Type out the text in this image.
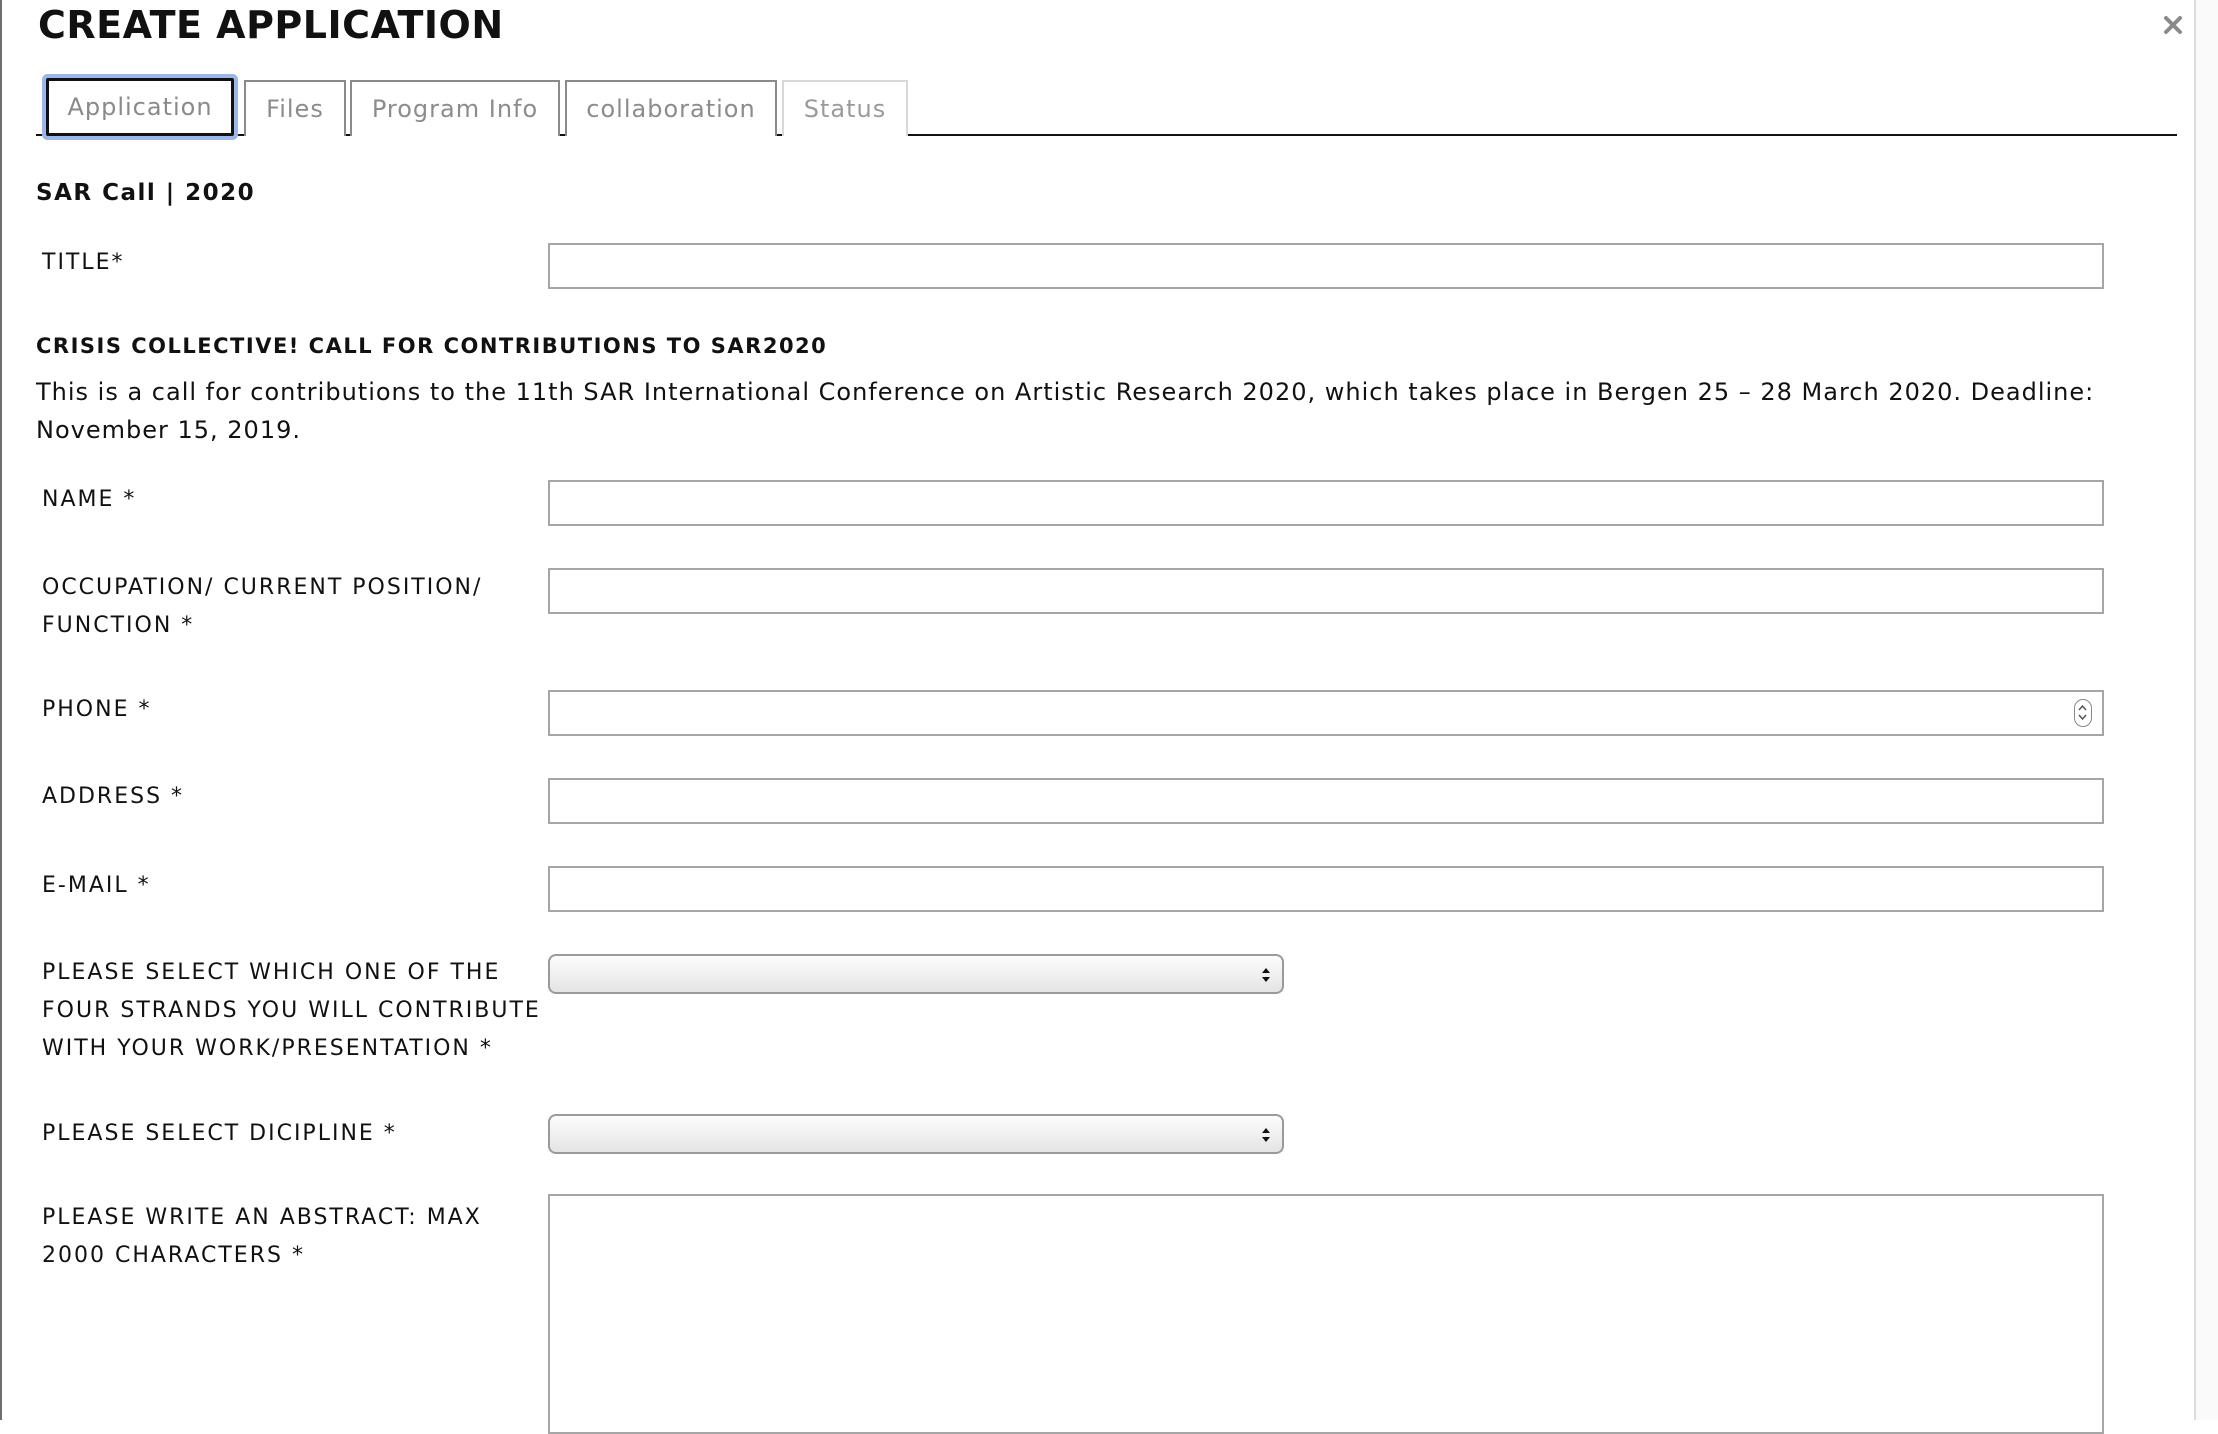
CREATE APPLICATION
Application	Files	Program Info	collaboration	Status
SAR Call | 2020
TITLE*
CRISIS COLLECTIVE! CALL FOR CONTRIBUTIONS TO SAR2020

This is a call for contributions to the 11th SAR International Conference on Artistic Research 2020, which takes place in Bergen 25 – 28 March 2020. Deadline: November 15, 2019.

NAME *
OCCUPATION/ CURRENT POSITION/ FUNCTION *
PHONE *
ADDRESS *
E-MAIL *
PLEASE SELECT WHICH ONE OF THE FOUR STRANDS YOU WILL CONTRIBUTE WITH YOUR WORK/PRESENTATION *
PLEASE SELECT DICIPLINE *
PLEASE WRITE AN ABSTRACT: MAX 2000 CHARACTERS *
